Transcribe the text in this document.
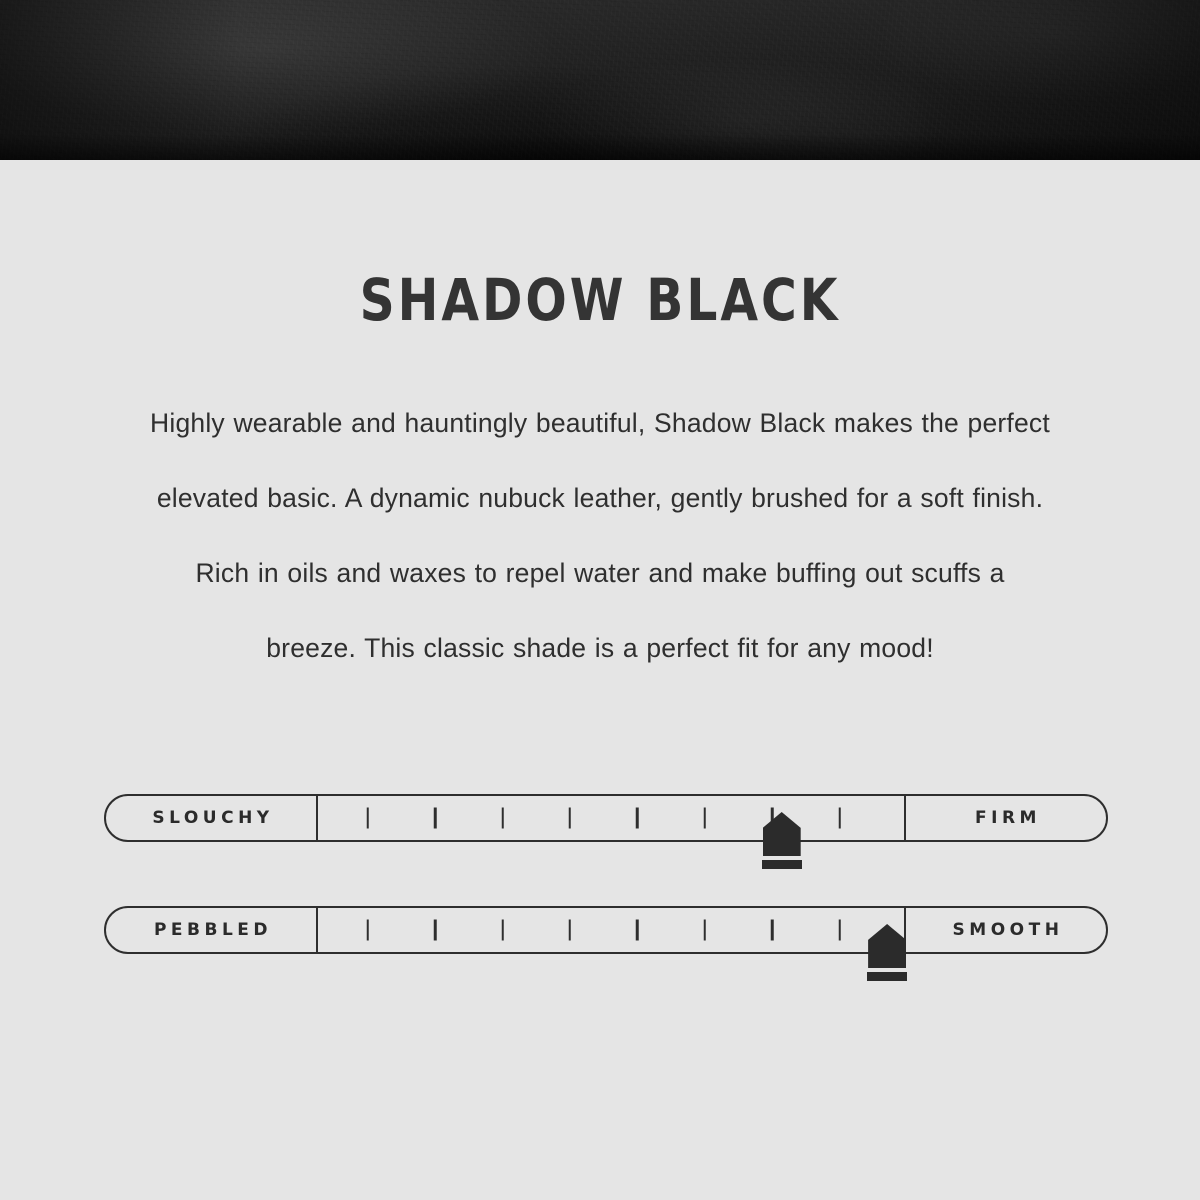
SHADOW BLACK

Highly wearable and hauntingly beautiful, Shadow Black makes the perfect elevated basic. A dynamic nubuck leather, gently brushed for a soft finish. Rich in oils and waxes to repel water and make buffing out scuffs a breeze. This classic shade is a perfect fit for any mood!

SLOUCHY	FIRM
PEBBLED	SMOOTH
